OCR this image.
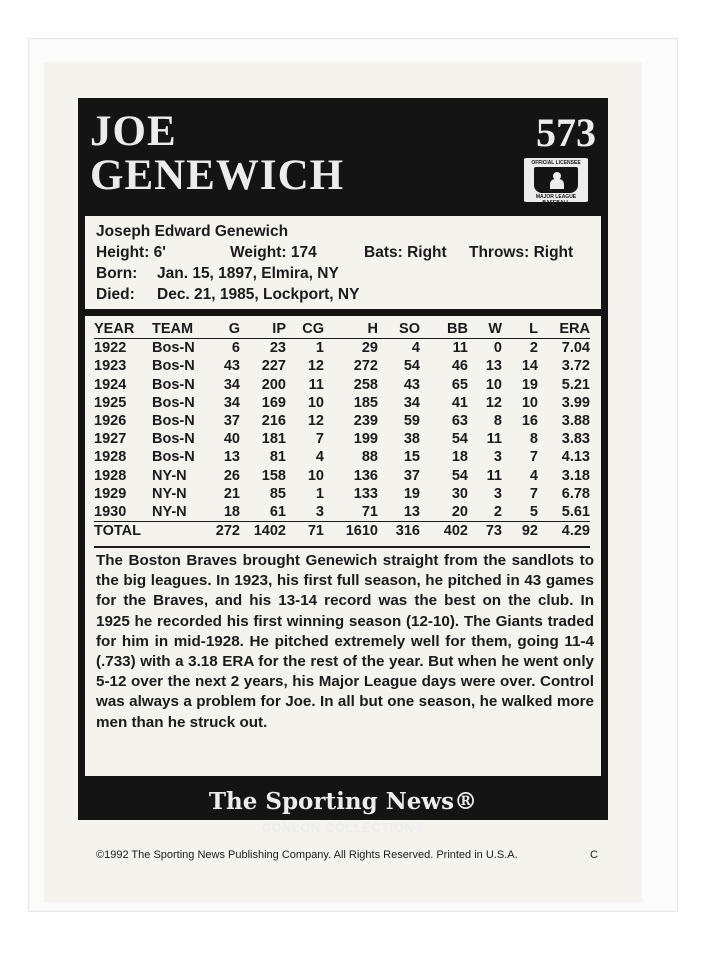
JOE
GENEWICH
573
OFFICIAL LICENSEE
MAJOR LEAGUE BASEBALL
Joseph Edward Genewich
Height: 6'	Weight: 174	Bats: Right Throws: Right
Born: Jan. 15, 1897, Elmira, NY
Died: Dec. 21, 1985, Lockport, NY
YEAR	TEAM	G	IP	CG	H	SO	BB	W	L	ERA
1922	Bos-N	6	23	1	29	4	11	0	2	7.04
1923	Bos-N	43	227	12	272	54	46	13	14	3.72
1924	Bos-N	34	200	11	258	43	65	10	19	5.21
1925	Bos-N	34	169	10	185	34	41	12	10	3.99
1926	Bos-N	37	216	12	239	59	63	8	16	3.88
1927	Bos-N	40	181	7	199	38	54	11	8	3.83
1928	Bos-N	13	81	4	88	15	18	3	7	4.13
1928	NY-N	26	158	10	136	37	54	11	4	3.18
1929	NY-N	21	85	1	133	19	30	3	7	6.78
1930	NY-N	18	61	3	71	13	20	2	5	5.61
TOTAL		272	1402	71	1610	316	402	73	92	4.29
The Boston Braves brought Genewich straight from the sandlots to the big leagues. In 1923, his first full season, he pitched in 43 games for the Braves, and his 13-14 record was the best on the club. In 1925 he recorded his first winning season (12-10). The Giants traded for him in mid-1928. He pitched extremely well for them, going 11-4 (.733) with a 3.18 ERA for the rest of the year. But when he went only 5-12 over the next 2 years, his Major League days were over. Control was always a problem for Joe. In all but one season, he walked more men than he struck out.
The Sporting News®
CONLON COLLECTION®
©1992 The Sporting News Publishing Company. All Rights Reserved. Printed in U.S.A.	C
